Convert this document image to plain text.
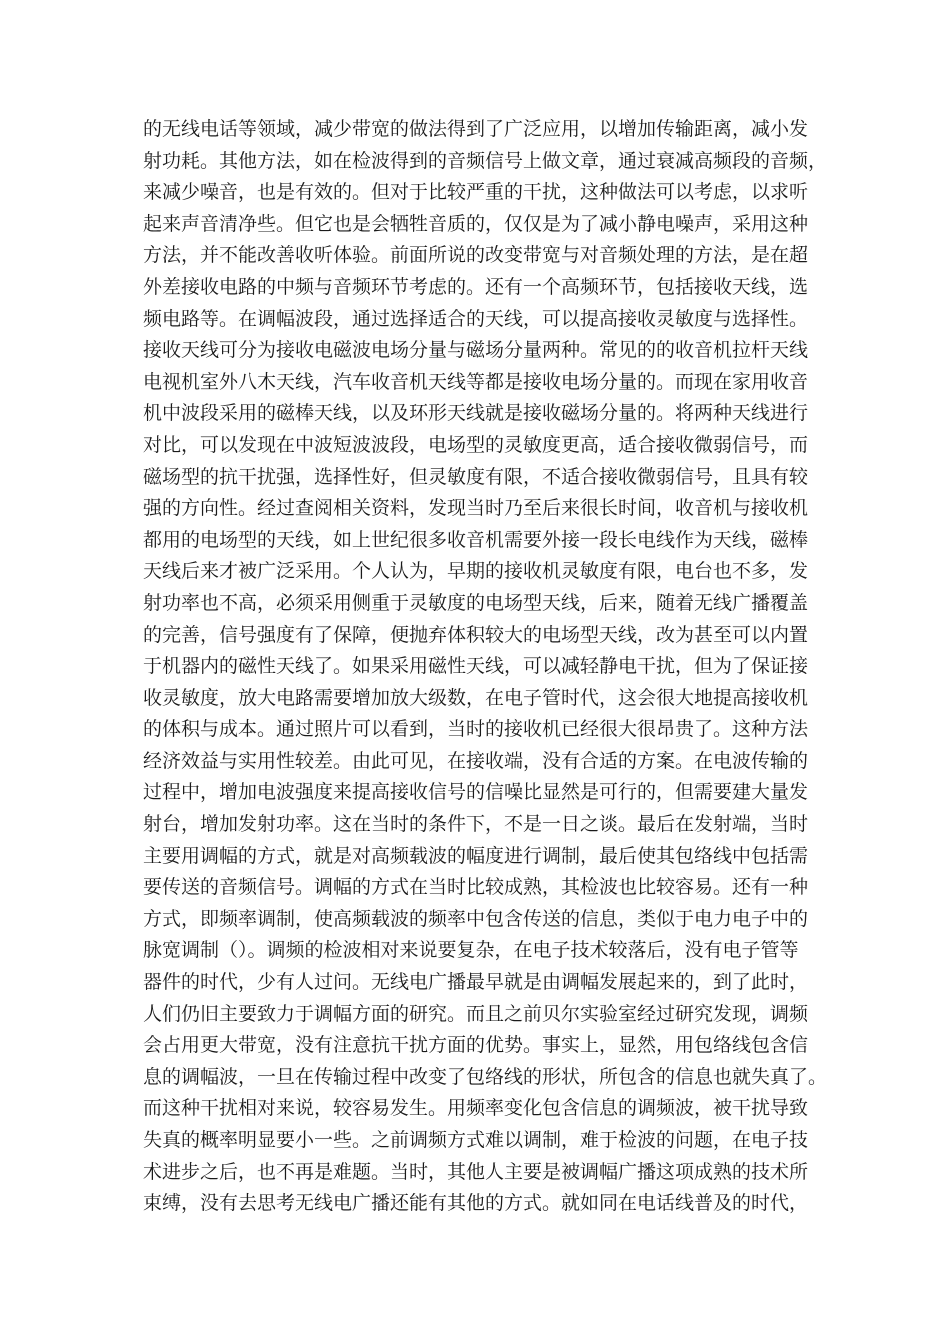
的无线电话等领域，减少带宽的做法得到了广泛应用，以增加传输距离，减小发
射功耗。其他方法，如在检波得到的音频信号上做文章，通过衰减高频段的音频，
来减少噪音，也是有效的。但对于比较严重的干扰，这种做法可以考虑，以求听
起来声音清净些。但它也是会牺牲音质的，仅仅是为了减小静电噪声，采用这种
方法，并不能改善收听体验。前面所说的改变带宽与对音频处理的方法，是在超
外差接收电路的中频与音频环节考虑的。还有一个高频环节，包括接收天线，选
频电路等。在调幅波段，通过选择适合的天线，可以提高接收灵敏度与选择性。
接收天线可分为接收电磁波电场分量与磁场分量两种。常见的的收音机拉杆天线
电视机室外八木天线，汽车收音机天线等都是接收电场分量的。而现在家用收音
机中波段采用的磁棒天线，以及环形天线就是接收磁场分量的。将两种天线进行
对比，可以发现在中波短波波段，电场型的灵敏度更高，适合接收微弱信号，而
磁场型的抗干扰强，选择性好，但灵敏度有限，不适合接收微弱信号，且具有较
强的方向性。经过查阅相关资料，发现当时乃至后来很长时间，收音机与接收机
都用的电场型的天线，如上世纪很多收音机需要外接一段长电线作为天线，磁棒
天线后来才被广泛采用。个人认为，早期的接收机灵敏度有限，电台也不多，发
射功率也不高，必须采用侧重于灵敏度的电场型天线，后来，随着无线广播覆盖
的完善，信号强度有了保障，便抛弃体积较大的电场型天线，改为甚至可以内置
于机器内的磁性天线了。如果采用磁性天线，可以减轻静电干扰，但为了保证接
收灵敏度，放大电路需要增加放大级数，在电子管时代，这会很大地提高接收机
的体积与成本。通过照片可以看到，当时的接收机已经很大很昂贵了。这种方法
经济效益与实用性较差。由此可见，在接收端，没有合适的方案。在电波传输的
过程中，增加电波强度来提高接收信号的信噪比显然是可行的，但需要建大量发
射台，增加发射功率。这在当时的条件下，不是一日之谈。最后在发射端，当时
主要用调幅的方式，就是对高频载波的幅度进行调制，最后使其包络线中包括需
要传送的音频信号。调幅的方式在当时比较成熟，其检波也比较容易。还有一种
方式，即频率调制，使高频载波的频率中包含传送的信息，类似于电力电子中的
脉宽调制（）。调频的检波相对来说要复杂，在电子技术较落后，没有电子管等
器件的时代，少有人过问。无线电广播最早就是由调幅发展起来的，到了此时，
人们仍旧主要致力于调幅方面的研究。而且之前贝尔实验室经过研究发现，调频
会占用更大带宽，没有注意抗干扰方面的优势。事实上，显然，用包络线包含信
息的调幅波，一旦在传输过程中改变了包络线的形状，所包含的信息也就失真了。
而这种干扰相对来说，较容易发生。用频率变化包含信息的调频波，被干扰导致
失真的概率明显要小一些。之前调频方式难以调制，难于检波的问题，在电子技
术进步之后，也不再是难题。当时，其他人主要是被调幅广播这项成熟的技术所
束缚，没有去思考无线电广播还能有其他的方式。就如同在电话线普及的时代，
